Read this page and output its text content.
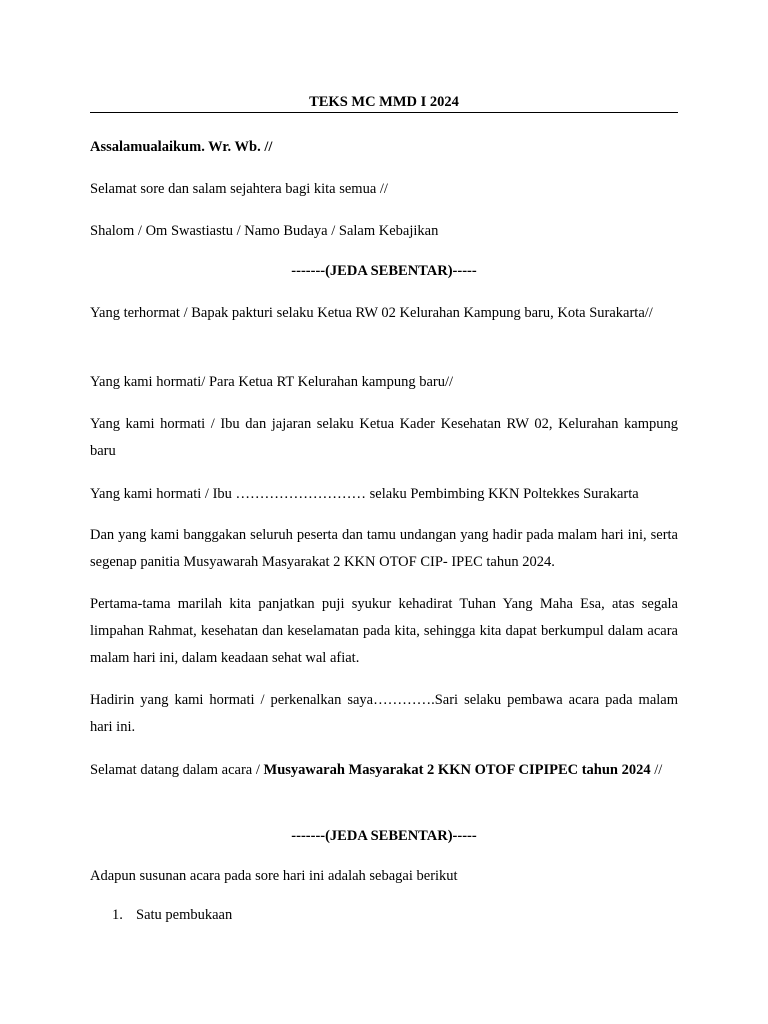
TEKS MC MMD I 2024

Assalamualaikum. Wr. Wb. //

Selamat sore dan salam sejahtera bagi kita semua //

Shalom / Om Swastiastu / Namo Budaya / Salam Kebajikan

-------(JEDA SEBENTAR)-----

Yang terhormat / Bapak pakturi selaku Ketua RW 02 Kelurahan Kampung baru, Kota Surakarta//

Yang kami hormati/ Para Ketua RT Kelurahan kampung baru//

Yang kami hormati / Ibu dan jajaran selaku Ketua Kader Kesehatan RW 02, Kelurahan kampung baru

Yang kami hormati / Ibu ……………………… selaku Pembimbing KKN Poltekkes Surakarta

Dan yang kami banggakan seluruh peserta dan tamu undangan yang hadir pada malam hari ini, serta segenap panitia Musyawarah Masyarakat 2 KKN OTOF CIP- IPEC tahun 2024.

Pertama-tama marilah kita panjatkan puji syukur kehadirat Tuhan Yang Maha Esa, atas segala limpahan Rahmat, kesehatan dan keselamatan pada kita, sehingga kita dapat berkumpul dalam acara malam hari ini, dalam keadaan sehat wal afiat.

Hadirin yang kami hormati / perkenalkan saya………….Sari selaku pembawa acara pada malam hari ini.

Selamat datang dalam acara / Musyawarah Masyarakat 2 KKN OTOF CIPIPEC tahun 2024 //

-------(JEDA SEBENTAR)-----

Adapun susunan acara pada sore hari ini adalah sebagai berikut

1. Satu pembukaan
